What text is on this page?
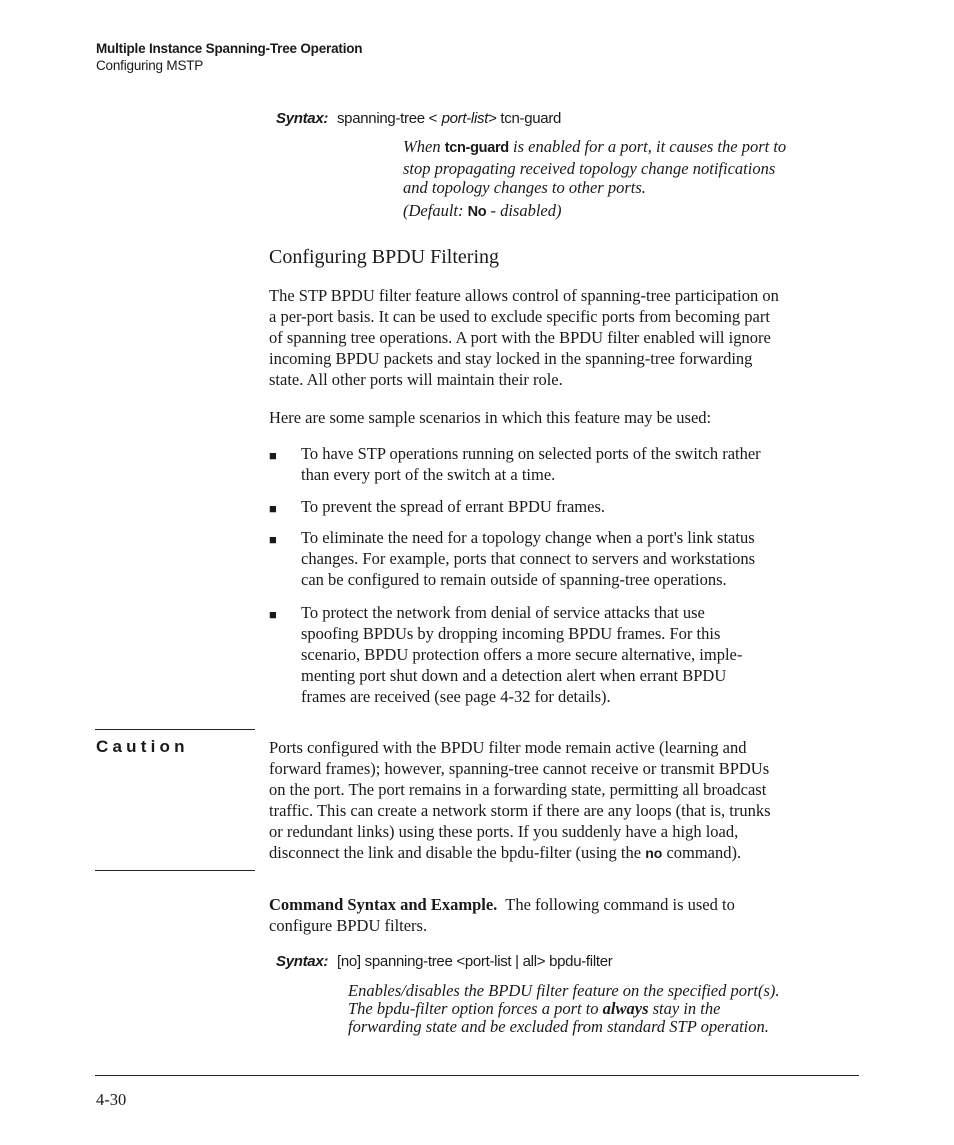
Multiple Instance Spanning-Tree Operation
Configuring MSTP
Syntax: spanning-tree < port-list> tcn-guard
When tcn-guard is enabled for a port, it causes the port to
stop propagating received topology change notifications
and topology changes to other ports.
(Default: No - disabled)
Configuring BPDU Filtering
The STP BPDU filter feature allows control of spanning-tree participation on
a per-port basis. It can be used to exclude specific ports from becoming part
of spanning tree operations. A port with the BPDU filter enabled will ignore
incoming BPDU packets and stay locked in the spanning-tree forwarding
state. All other ports will maintain their role.
Here are some sample scenarios in which this feature may be used:
■ To have STP operations running on selected ports of the switch rather
than every port of the switch at a time.
■ To prevent the spread of errant BPDU frames.
■ To eliminate the need for a topology change when a port's link status
changes. For example, ports that connect to servers and workstations
can be configured to remain outside of spanning-tree operations.
■ To protect the network from denial of service attacks that use
spoofing BPDUs by dropping incoming BPDU frames. For this
scenario, BPDU protection offers a more secure alternative, imple-
menting port shut down and a detection alert when errant BPDU
frames are received (see page 4-32 for details).
Caution	Ports configured with the BPDU filter mode remain active (learning and
forward frames); however, spanning-tree cannot receive or transmit BPDUs
on the port. The port remains in a forwarding state, permitting all broadcast
traffic. This can create a network storm if there are any loops (that is, trunks
or redundant links) using these ports. If you suddenly have a high load,
disconnect the link and disable the bpdu-filter (using the no command).
Command Syntax and Example. The following command is used to
configure BPDU filters.
Syntax: [no] spanning-tree <port-list | all> bpdu-filter
Enables/disables the BPDU filter feature on the specified port(s).
The bpdu-filter option forces a port to always stay in the
forwarding state and be excluded from standard STP operation.
4-30
